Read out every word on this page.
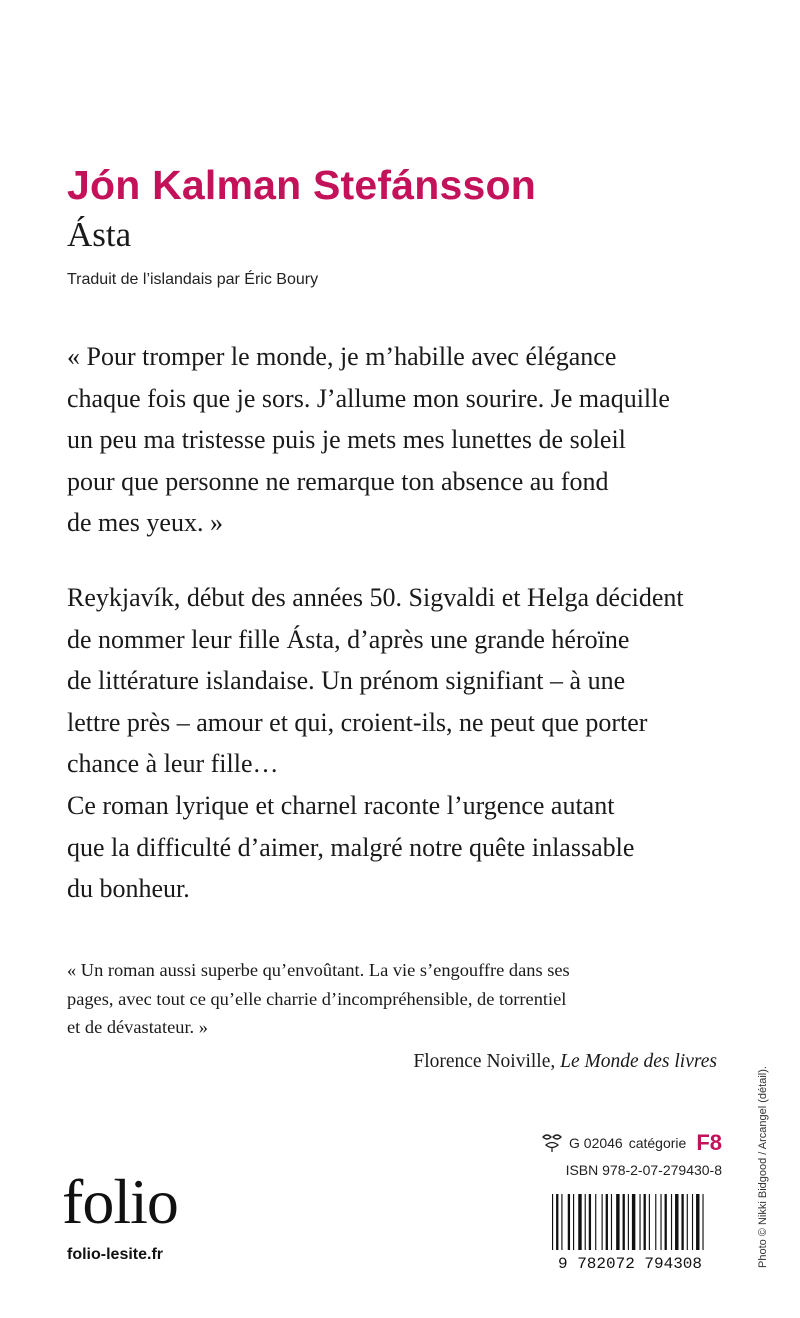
Jón Kalman Stefánsson
Ásta
Traduit de l’islandais par Éric Boury
« Pour tromper le monde, je m’habille avec élégance
chaque fois que je sors. J’allume mon sourire. Je maquille
un peu ma tristesse puis je mets mes lunettes de soleil
pour que personne ne remarque ton absence au fond
de mes yeux. »
Reykjavík, début des années 50. Sigvaldi et Helga décident
de nommer leur fille Ásta, d’après une grande héroïne
de littérature islandaise. Un prénom signifiant – à une
lettre près – amour et qui, croient-ils, ne peut que porter
chance à leur fille…
Ce roman lyrique et charnel raconte l’urgence autant
que la difficulté d’aimer, malgré notre quête inlassable
du bonheur.
« Un roman aussi superbe qu’envoûtant. La vie s’engouffre dans ses
pages, avec tout ce qu’elle charrie d’incompréhensible, de torrentiel
et de dévastateur. »
Florence Noiville, Le Monde des livres
G 02046 catégorie F8
ISBN 978-2-07-279430-8
folio
folio-lesite.fr
9 782072 794308	Photo © Nikki Bidgood / Arcangel (détail).
